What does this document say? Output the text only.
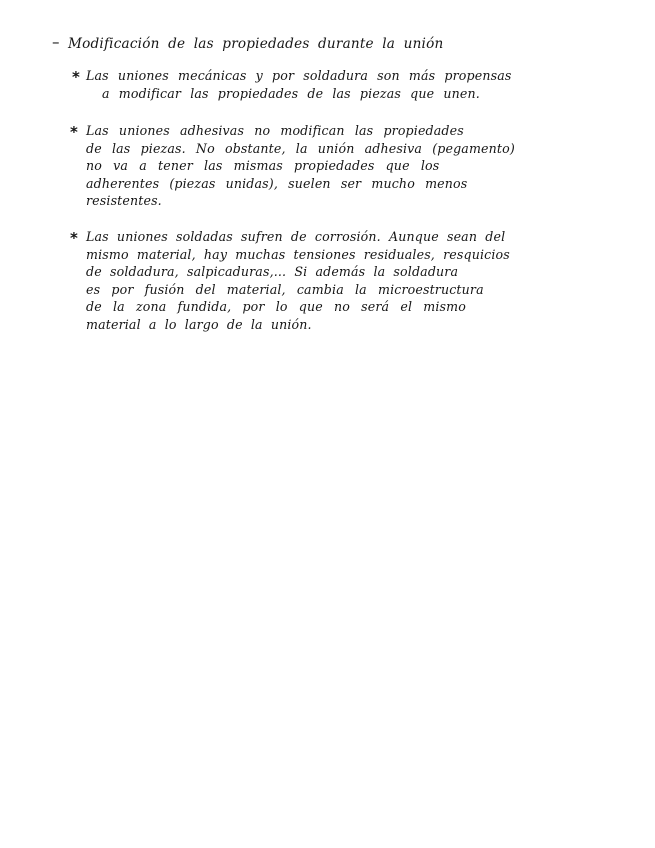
– Modificación de las propiedades durante la unión
* Las uniones mecánicas y por soldadura son más propensas
a modificar las propiedades de las piezas que unen.
* Las uniones adhesivas no modifican las propiedades
de las piezas. No obstante, la unión adhesiva (pegamento)
no va a tener las mismas propiedades que los
adherentes (piezas unidas), suelen ser mucho menos
resistentes.
* Las uniones soldadas sufren de corrosión. Aunque sean del
mismo material, hay muchas tensiones residuales, resquicios
de soldadura, salpicaduras,... Si además la soldadura
es por fusión del material, cambia la microestructura
de la zona fundida, por lo que no será el mismo
material a lo largo de la unión.
